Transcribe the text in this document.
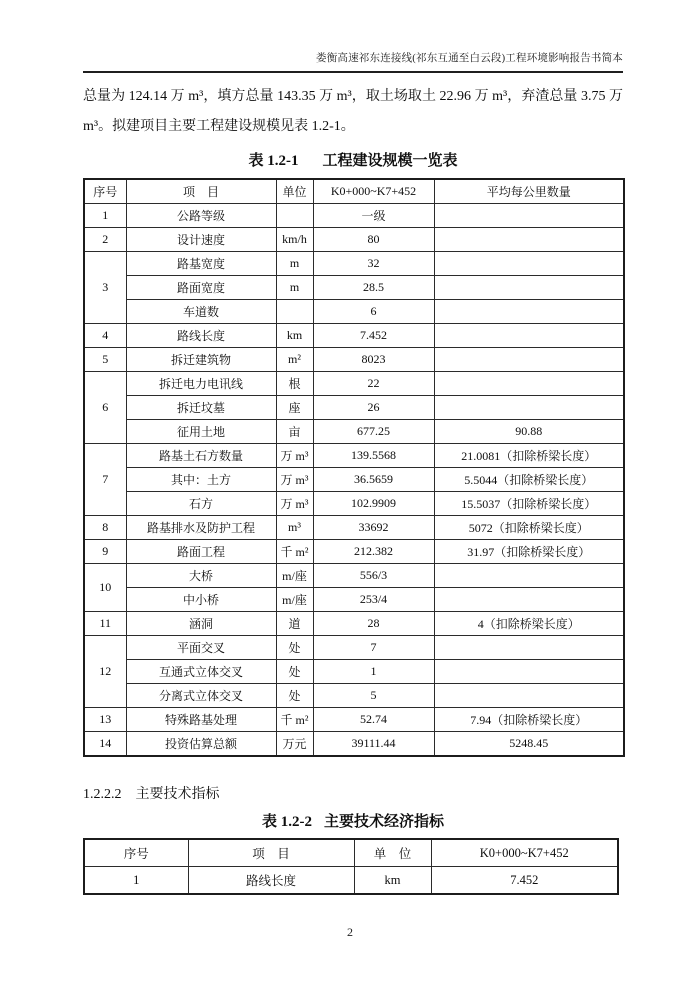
娄衡高速祁东连接线(祁东互通至白云段)工程环境影响报告书简本

总量为 124.14 万 m³，填方总量 143.35 万 m³，取土场取土 22.96 万 m³，弃渣总量 3.75 万 m³。拟建项目主要工程建设规模见表 1.2-1。

表 1.2-1 工程建设规模一览表
序号	项　目	单位	K0+000~K7+452	平均每公里数量
1	公路等级		一级	
2	设计速度	km/h	80	
3	路基宽度	m	32	
	路面宽度	m	28.5	
	车道数		6	
4	路线长度	km	7.452	
5	拆迁建筑物	m²	8023	
6	拆迁电力电讯线	根	22	
	拆迁坟墓	座	26	
	征用土地	亩	677.25	90.88
7	路基土石方数量	万 m³	139.5568	21.0081（扣除桥梁长度）
	其中：土方	万 m³	36.5659	5.5044（扣除桥梁长度）
	石方	万 m³	102.9909	15.5037（扣除桥梁长度）
8	路基排水及防护工程	m³	33692	5072（扣除桥梁长度）
9	路面工程	千 m²	212.382	31.97（扣除桥梁长度）
10	大桥	m/座	556/3	
	中小桥	m/座	253/4	
11	涵洞	道	28	4（扣除桥梁长度）
12	平面交叉	处	7	
	互通式立体交叉	处	1	
	分离式立体交叉	处	5	
13	特殊路基处理	千 m²	52.74	7.94（扣除桥梁长度）
14	投资估算总额	万元	39111.44	5248.45
1.2.2.2 主要技术指标
表 1.2-2 主要技术经济指标
序号	项　目	单　位	K0+000~K7+452
1	路线长度	km	7.452
2
